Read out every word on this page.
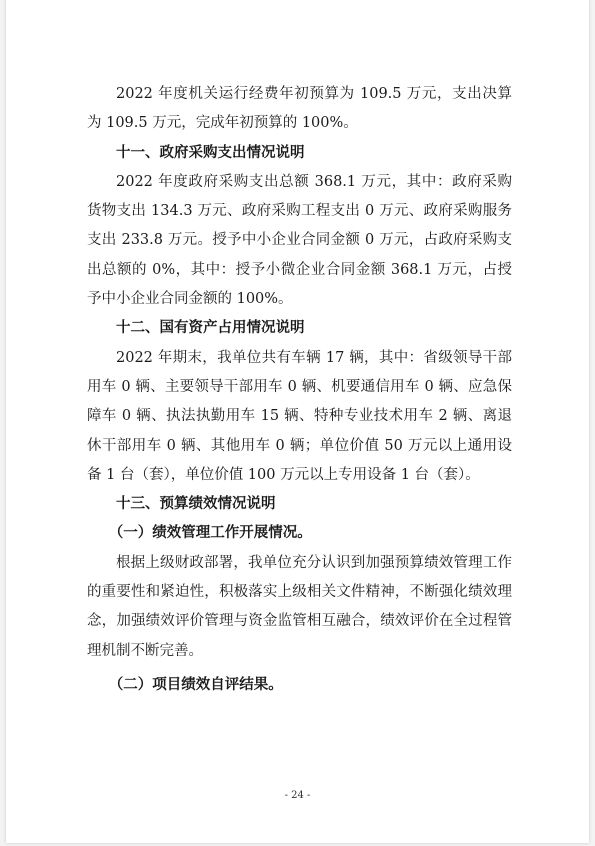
2022 年度机关运行经费年初预算为 109.5 万元，支出决算为 109.5 万元，完成年初预算的 100%。

十一、政府采购支出情况说明

2022 年度政府采购支出总额 368.1 万元，其中：政府采购货物支出 134.3 万元、政府采购工程支出 0 万元、政府采购服务支出 233.8 万元。授予中小企业合同金额 0 万元，占政府采购支出总额的 0%，其中：授予小微企业合同金额 368.1 万元，占授予中小企业合同金额的 100%。

十二、国有资产占用情况说明

2022 年期末，我单位共有车辆 17 辆，其中：省级领导干部用车 0 辆、主要领导干部用车 0 辆、机要通信用车 0 辆、应急保障车 0 辆、执法执勤用车 15 辆、特种专业技术用车 2 辆、离退休干部用车 0 辆、其他用车 0 辆；单位价值 50 万元以上通用设备 1 台（套），单位价值 100 万元以上专用设备 1 台（套）。

十三、预算绩效情况说明

（一）绩效管理工作开展情况。

根据上级财政部署，我单位充分认识到加强预算绩效管理工作的重要性和紧迫性，积极落实上级相关文件精神，不断强化绩效理念，加强绩效评价管理与资金监管相互融合，绩效评价在全过程管理机制不断完善。

（二）项目绩效自评结果。

- 24 -
